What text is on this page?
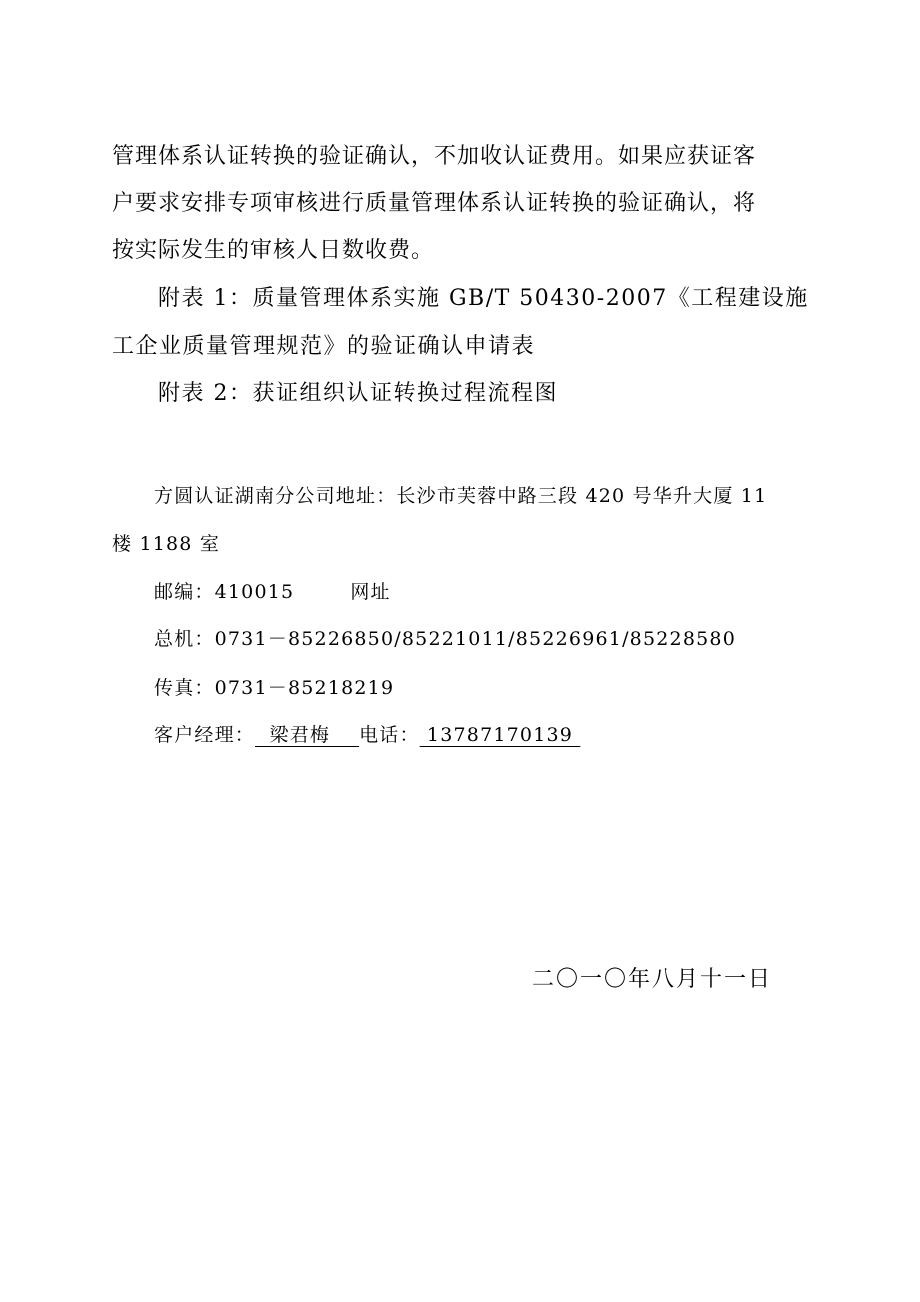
管理体系认证转换的验证确认，不加收认证费用。如果应获证客
户要求安排专项审核进行质量管理体系认证转换的验证确认，将
按实际发生的审核人日数收费。
附表 1：质量管理体系实施 GB/T 50430-2007《工程建设施
工企业质量管理规范》的验证确认申请表
附表 2：获证组织认证转换过程流程图
方圆认证湖南分公司地址：长沙市芙蓉中路三段 420 号华升大厦 11
楼 1188 室
邮编：410015	网址
总机：0731－85226850/85221011/85226961/85228580
传真：0731－85218219
客户经理：  梁君梅    电话： 13787170139
二〇一〇年八月十一日
